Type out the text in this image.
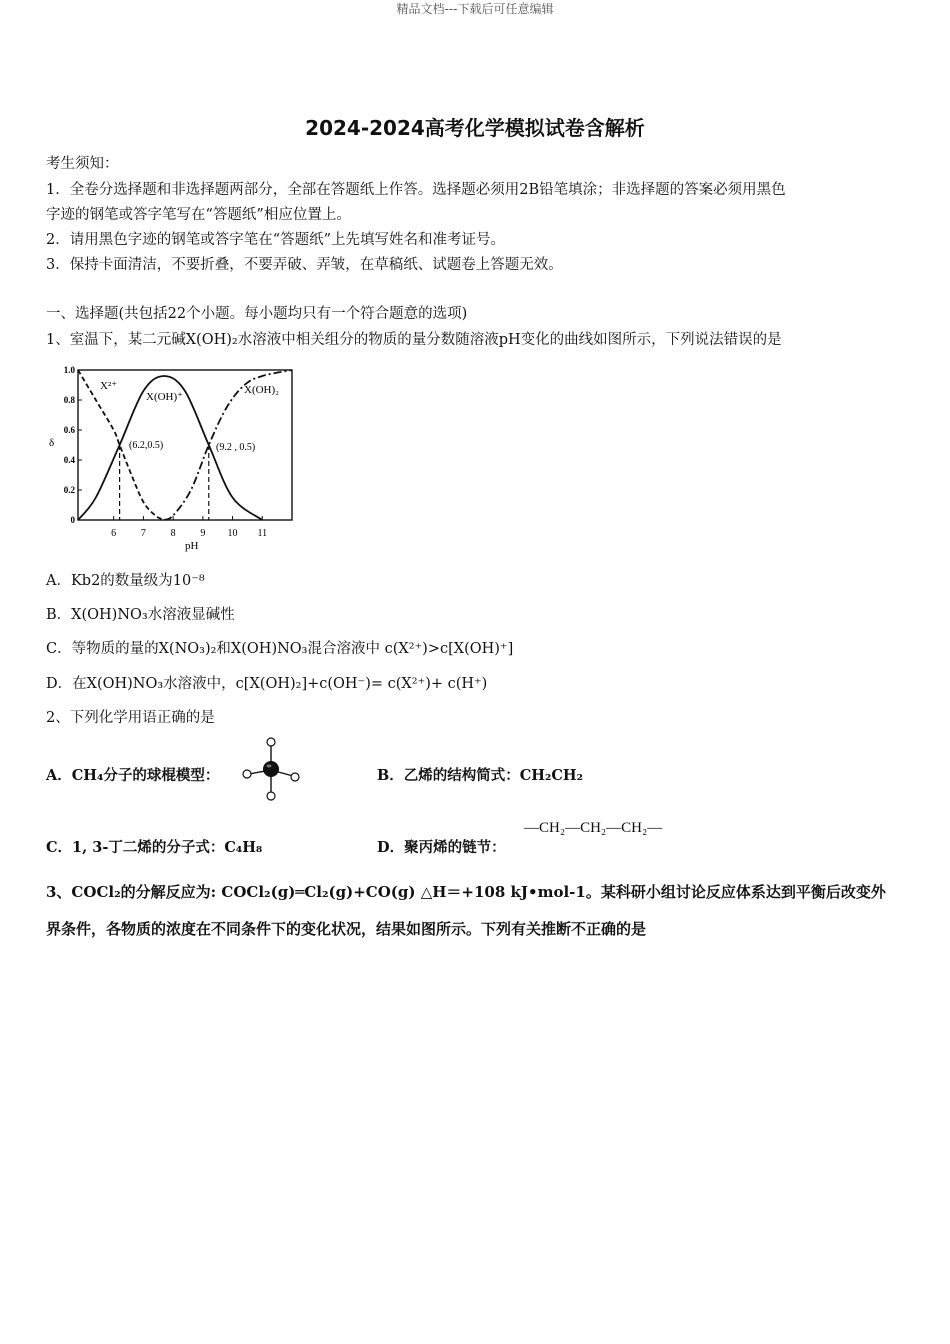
精品文档---下载后可任意编辑
2024-2024高考化学模拟试卷含解析
考生须知：
1．全卷分选择题和非选择题两部分，全部在答题纸上作答。选择题必须用2B铅笔填涂；非选择题的答案必须用黑色
字迹的钢笔或答字笔写在“答题纸”相应位置上。
2．请用黑色字迹的钢笔或答字笔在“答题纸”上先填写姓名和准考证号。
3．保持卡面清洁，不要折叠，不要弄破、弄皱，在草稿纸、试题卷上答题无效。
一、选择题(共包括22个小题。每小题均只有一个符合题意的选项)
1、室温下，某二元碱X(OH)₂水溶液中相关组分的物质的量分数随溶液pH变化的曲线如图所示，下列说法错误的是
6 7 8 9 10 11
0
0.2
0.4
0.6
0.8
1.0
X²⁺
X(OH)⁺
X(OH)₂
(6.2,0.5)	(9.2 , 0.5)
δ
pH
A．Kb2的数量级为10⁻⁸
B．X(OH)NO₃水溶液显碱性
C．等物质的量的X(NO₃)₂和X(OH)NO₃混合溶液中 c(X²⁺)>c[X(OH)⁺]
D．在X(OH)NO₃水溶液中，c[X(OH)₂]+c(OH⁻)= c(X²⁺)+ c(H⁺)
2、下列化学用语正确的是
A．CH₄分子的球棍模型：	B．乙烯的结构简式：CH₂CH₂
C．1, 3-丁二烯的分子式：C₄H₈	D．聚丙烯的链节：
—CH₂—CH₂—CH₂—
3、COCl₂的分解反应为: COCl₂(g)═Cl₂(g)+CO(g) △H＝+108 kJ•mol-1。某科研小组讨论反应体系达到平衡后改变外
界条件，各物质的浓度在不同条件下的变化状况，结果如图所示。下列有关推断不正确的是
